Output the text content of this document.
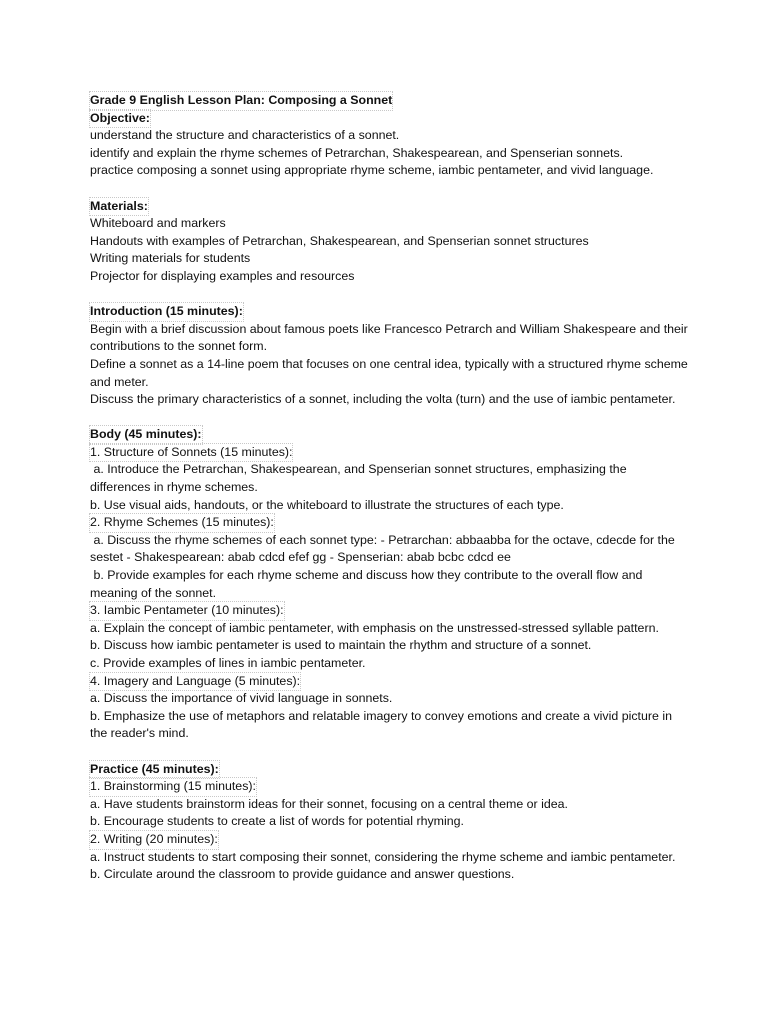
Grade 9 English Lesson Plan: Composing a Sonnet
Objective:
understand the structure and characteristics of a sonnet.
identify and explain the rhyme schemes of Petrarchan, Shakespearean, and Spenserian sonnets.
practice composing a sonnet using appropriate rhyme scheme, iambic pentameter, and vivid language.
Materials:
Whiteboard and markers
Handouts with examples of Petrarchan, Shakespearean, and Spenserian sonnet structures
Writing materials for students
Projector for displaying examples and resources
Introduction (15 minutes):
Begin with a brief discussion about famous poets like Francesco Petrarch and William Shakespeare and their contributions to the sonnet form.
Define a sonnet as a 14-line poem that focuses on one central idea, typically with a structured rhyme scheme and meter.
Discuss the primary characteristics of a sonnet, including the volta (turn) and the use of iambic pentameter.
Body (45 minutes):
1. Structure of Sonnets (15 minutes):
a. Introduce the Petrarchan, Shakespearean, and Spenserian sonnet structures, emphasizing the differences in rhyme schemes.
b. Use visual aids, handouts, or the whiteboard to illustrate the structures of each type.
2. Rhyme Schemes (15 minutes):
a. Discuss the rhyme schemes of each sonnet type: - Petrarchan: abbaabba for the octave, cdecde for the sestet - Shakespearean: abab cdcd efef gg - Spenserian: abab bcbc cdcd ee
b. Provide examples for each rhyme scheme and discuss how they contribute to the overall flow and meaning of the sonnet.
3. Iambic Pentameter (10 minutes):
a. Explain the concept of iambic pentameter, with emphasis on the unstressed-stressed syllable pattern.
b. Discuss how iambic pentameter is used to maintain the rhythm and structure of a sonnet.
c. Provide examples of lines in iambic pentameter.
4. Imagery and Language (5 minutes):
a. Discuss the importance of vivid language in sonnets.
b. Emphasize the use of metaphors and relatable imagery to convey emotions and create a vivid picture in the reader's mind.
Practice (45 minutes):
1. Brainstorming (15 minutes):
a. Have students brainstorm ideas for their sonnet, focusing on a central theme or idea.
b. Encourage students to create a list of words for potential rhyming.
2. Writing (20 minutes):
a. Instruct students to start composing their sonnet, considering the rhyme scheme and iambic pentameter.
b. Circulate around the classroom to provide guidance and answer questions.
